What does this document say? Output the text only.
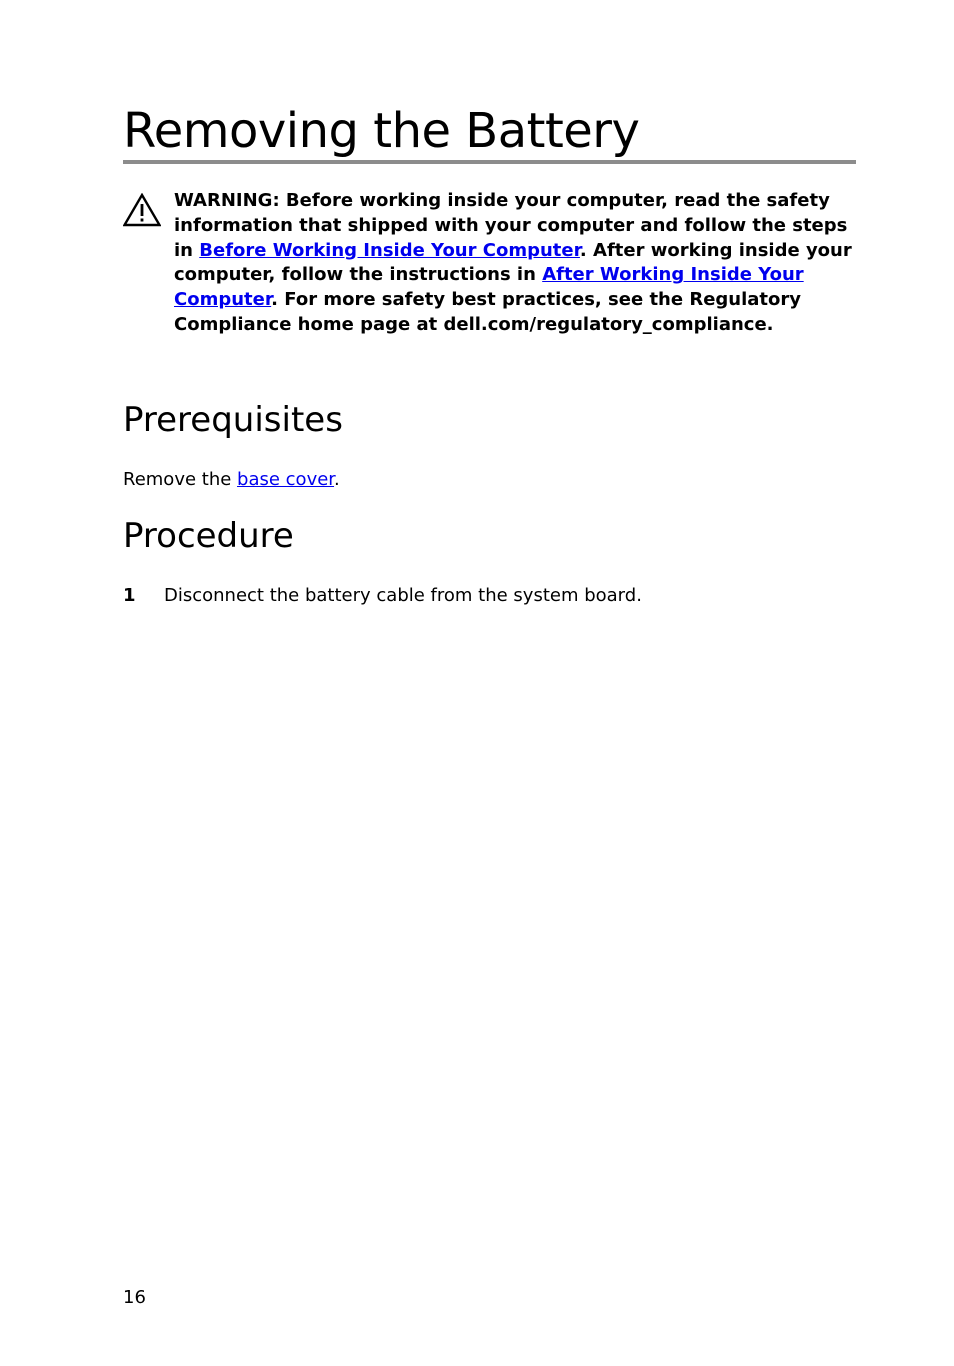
Removing the Battery

WARNING: Before working inside your computer, read the safety information that shipped with your computer and follow the steps in Before Working Inside Your Computer. After working inside your computer, follow the instructions in After Working Inside Your Computer. For more safety best practices, see the Regulatory Compliance home page at dell.com/regulatory_compliance.

Prerequisites

Remove the base cover.

Procedure
1 Disconnect the battery cable from the system board.
16
